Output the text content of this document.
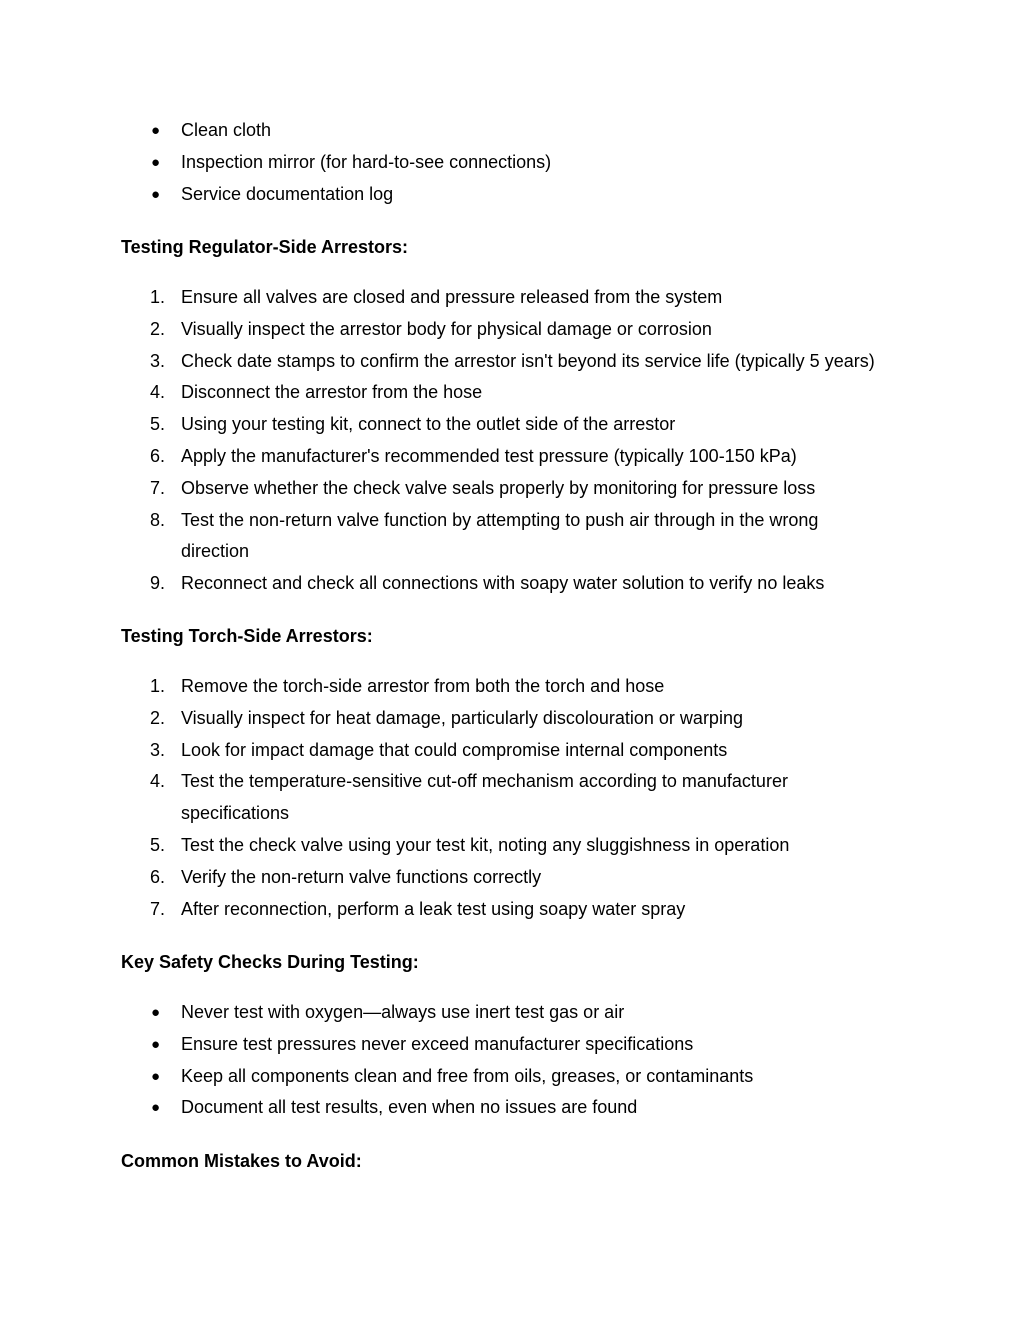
●	Clean cloth
●	Inspection mirror (for hard-to-see connections)
●	Service documentation log
Testing Regulator-Side Arrestors:
1. Ensure all valves are closed and pressure released from the system
2. Visually inspect the arrestor body for physical damage or corrosion
3. Check date stamps to confirm the arrestor isn't beyond its service life (typically 5 years)
4. Disconnect the arrestor from the hose
5. Using your testing kit, connect to the outlet side of the arrestor
6. Apply the manufacturer's recommended test pressure (typically 100-150 kPa)
7. Observe whether the check valve seals properly by monitoring for pressure loss
8. Test the non-return valve function by attempting to push air through in the wrong direction
9. Reconnect and check all connections with soapy water solution to verify no leaks
Testing Torch-Side Arrestors:
1. Remove the torch-side arrestor from both the torch and hose
2. Visually inspect for heat damage, particularly discolouration or warping
3. Look for impact damage that could compromise internal components
4. Test the temperature-sensitive cut-off mechanism according to manufacturer specifications
5. Test the check valve using your test kit, noting any sluggishness in operation
6. Verify the non-return valve functions correctly
7. After reconnection, perform a leak test using soapy water spray
Key Safety Checks During Testing:
●	Never test with oxygen—always use inert test gas or air
●	Ensure test pressures never exceed manufacturer specifications
●	Keep all components clean and free from oils, greases, or contaminants
●	Document all test results, even when no issues are found
Common Mistakes to Avoid:
